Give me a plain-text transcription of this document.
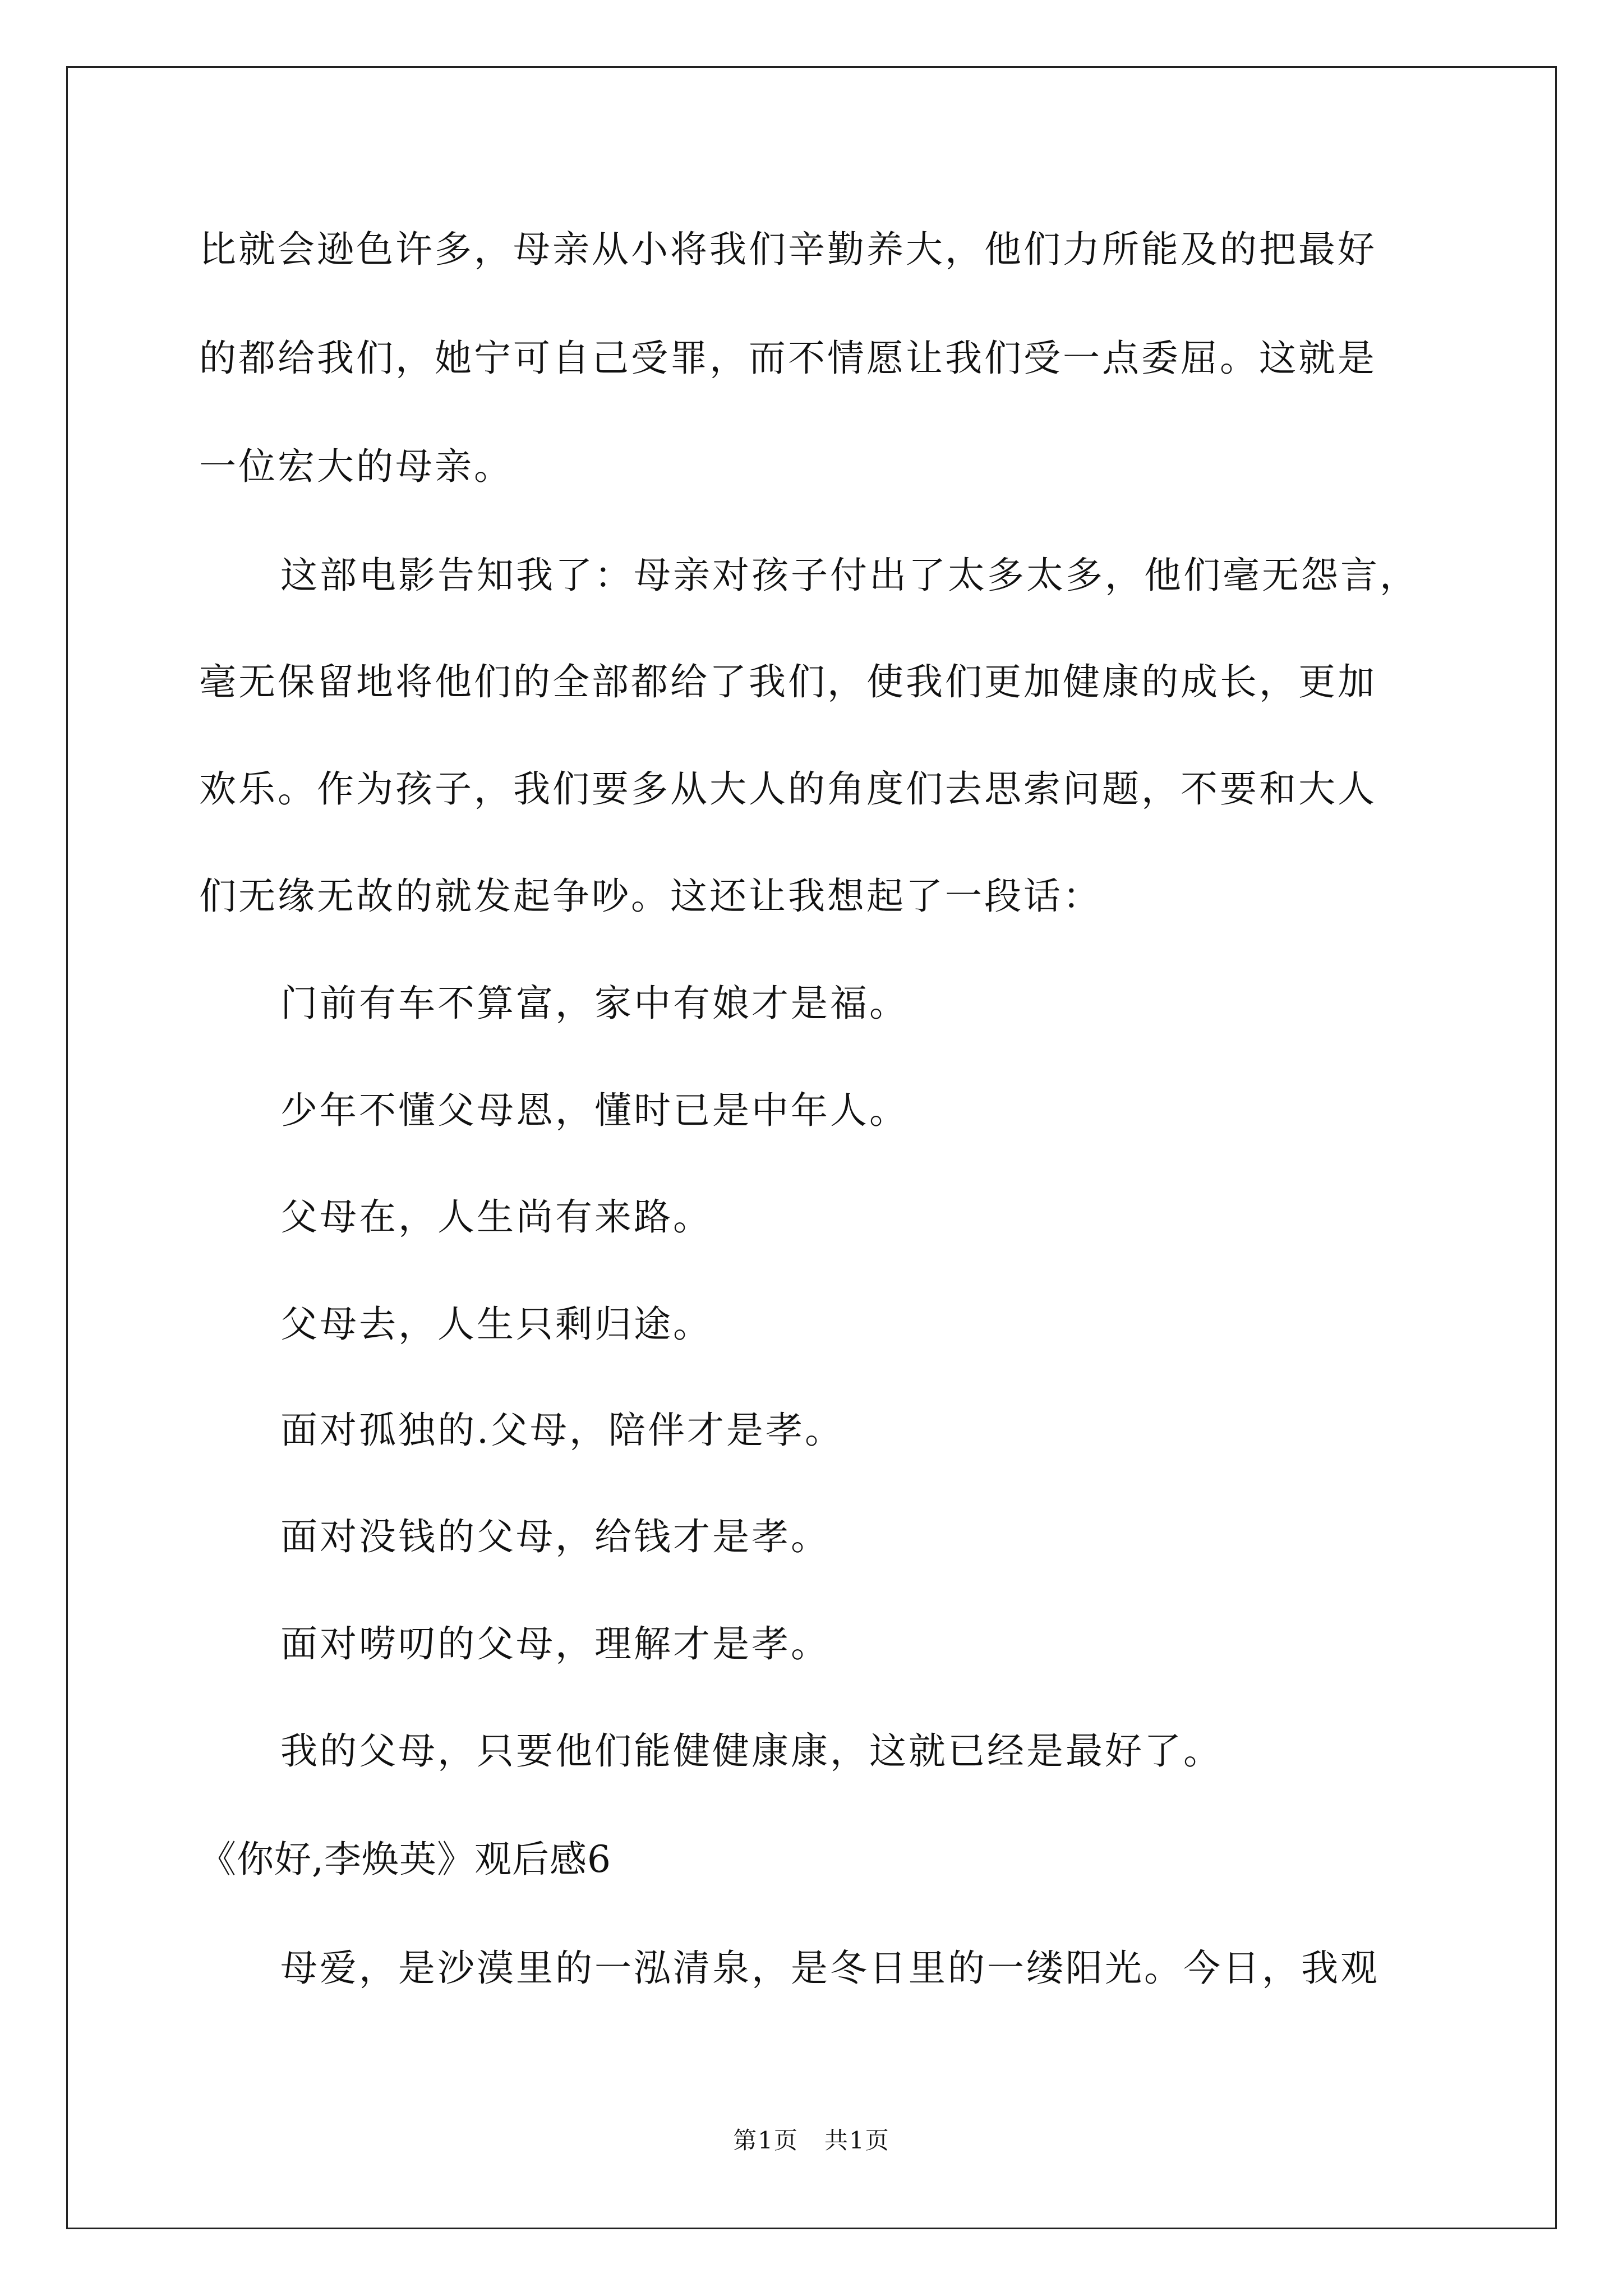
比就会逊色许多，母亲从小将我们辛勤养大，他们力所能及的把最好
的都给我们，她宁可自己受罪，而不情愿让我们受一点委屈。这就是
一位宏大的母亲。
这部电影告知我了：母亲对孩子付出了太多太多，他们毫无怨言，
毫无保留地将他们的全部都给了我们，使我们更加健康的成长，更加
欢乐。作为孩子，我们要多从大人的角度们去思索问题，不要和大人
们无缘无故的就发起争吵。这还让我想起了一段话：
门前有车不算富，家中有娘才是福。
少年不懂父母恩，懂时已是中年人。
父母在，人生尚有来路。
父母去，人生只剩归途。
面对孤独的.父母，陪伴才是孝。
面对没钱的父母，给钱才是孝。
面对唠叨的父母，理解才是孝。
我的父母，只要他们能健健康康，这就已经是最好了。
《你好,李焕英》观后感6
母爱，是沙漠里的一泓清泉，是冬日里的一缕阳光。今日，我观
第1页   共1页
